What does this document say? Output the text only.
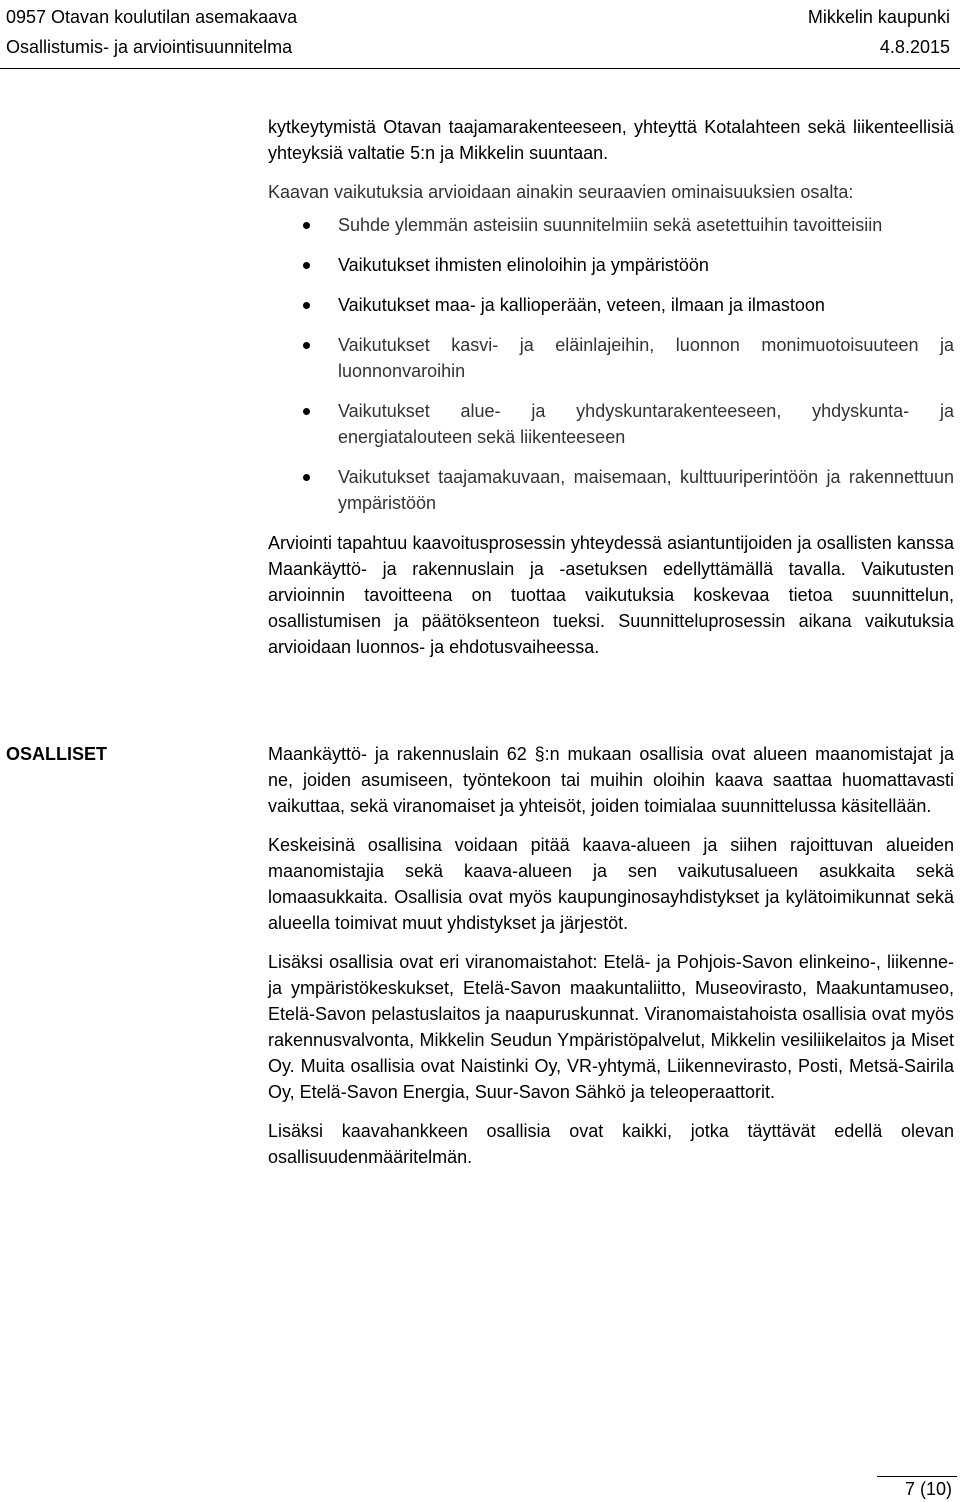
0957 Otavan koulutilan asemakaava
Osallistumis- ja arviointisuunnitelma
Mikkelin kaupunki
4.8.2015

kytkeytymistä Otavan taajamarakenteeseen, yhteyttä Kotalahteen sekä liikenteellisiä yhteyksiä valtatie 5:n ja Mikkelin suuntaan.

Kaavan vaikutuksia arvioidaan ainakin seuraavien ominaisuuksien osalta:

Suhde ylemmän asteisiin suunnitelmiin sekä asetettuihin tavoitteisiin
Vaikutukset ihmisten elinoloihin ja ympäristöön
Vaikutukset maa- ja kallioperään, veteen, ilmaan ja ilmastoon
Vaikutukset kasvi- ja eläinlajeihin, luonnon monimuotoisuuteen ja luonnonvaroihin
Vaikutukset alue- ja yhdyskuntarakenteeseen, yhdyskunta- ja energiatalouteen sekä liikenteeseen
Vaikutukset taajamakuvaan, maisemaan, kulttuuriperintöön ja rakennettuun ympäristöön

Arviointi tapahtuu kaavoitusprosessin yhteydessä asiantuntijoiden ja osallisten kanssa Maankäyttö- ja rakennuslain ja -asetuksen edellyttämällä tavalla. Vaikutusten arvioinnin tavoitteena on tuottaa vaikutuksia koskevaa tietoa suunnittelun, osallistumisen ja päätöksenteon tueksi. Suunnitteluprosessin aikana vaikutuksia arvioidaan luonnos- ja ehdotusvaiheessa.

OSALLISET	Maankäyttö- ja rakennuslain 62 §:n mukaan osallisia ovat alueen maanomistajat ja ne, joiden asumiseen, työntekoon tai muihin oloihin kaava saattaa huomattavasti vaikuttaa, sekä viranomaiset ja yhteisöt, joiden toimialaa suunnittelussa käsitellään.

Keskeisinä osallisina voidaan pitää kaava-alueen ja siihen rajoittuvan alueiden maanomistajia sekä kaava-alueen ja sen vaikutusalueen asukkaita sekä lomaasukkaita. Osallisia ovat myös kaupunginosayhdistykset ja kylätoimikunnat sekä alueella toimivat muut yhdistykset ja järjestöt.

Lisäksi osallisia ovat eri viranomaistahot: Etelä- ja Pohjois-Savon elinkeino-, liikenne- ja ympäristökeskukset, Etelä-Savon maakuntaliitto, Museovirasto, Maakuntamuseo, Etelä-Savon pelastuslaitos ja naapuruskunnat. Viranomaistahoista osallisia ovat myös rakennusvalvonta, Mikkelin Seudun Ympäristöpalvelut, Mikkelin vesiliikelaitos ja Miset Oy. Muita osallisia ovat Naistinki Oy, VR-yhtymä, Liikennevirasto, Posti, Metsä-Sairila Oy, Etelä-Savon Energia, Suur-Savon Sähkö ja teleoperaattorit.

Lisäksi kaavahankkeen osallisia ovat kaikki, jotka täyttävät edellä olevan osallisuudenmääritelmän.

7 (10)
